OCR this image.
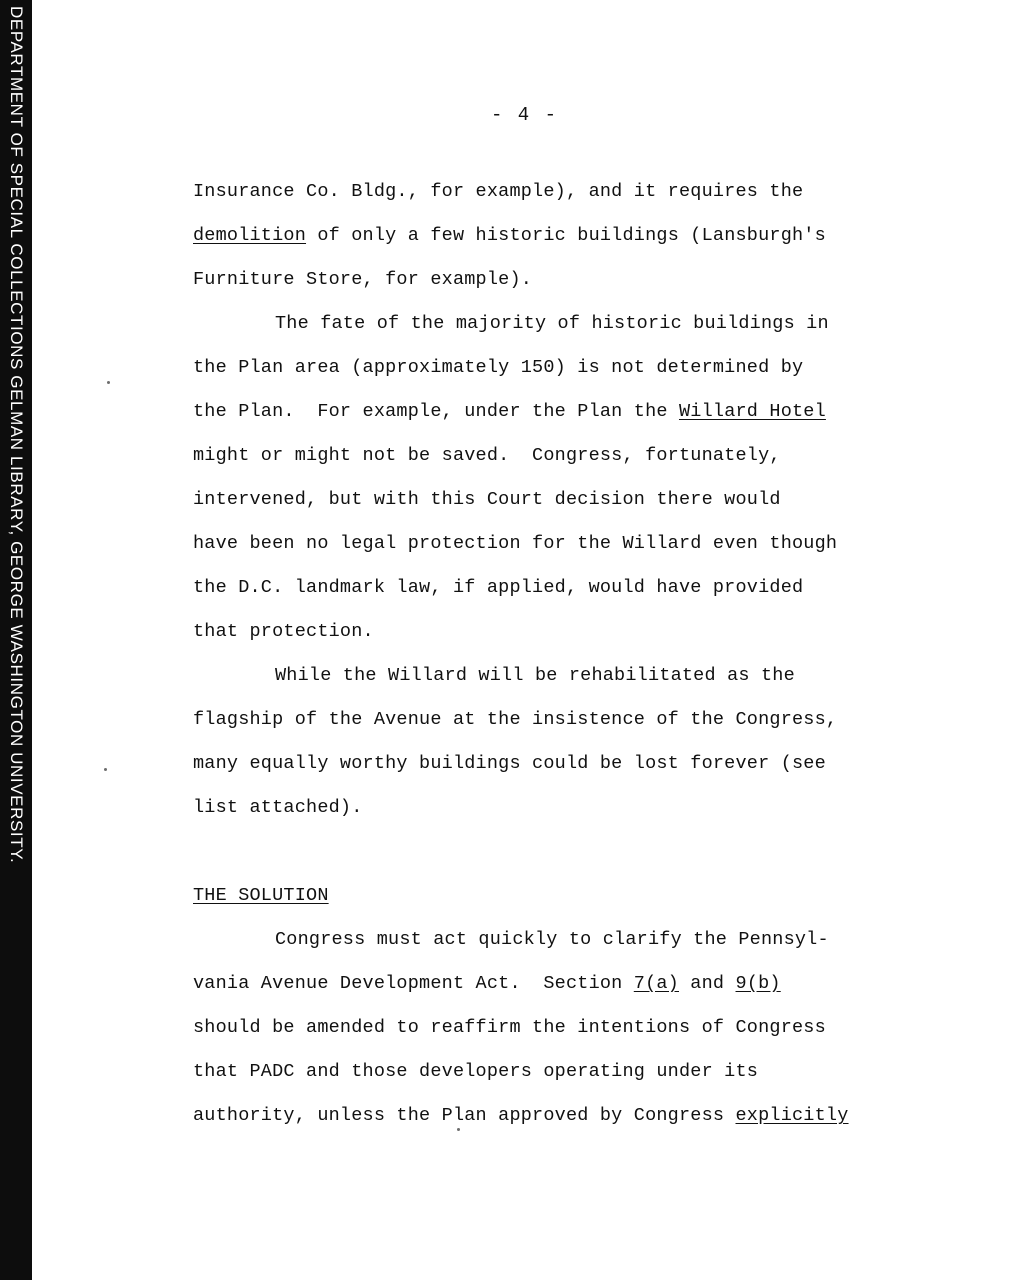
DEPARTMENT OF SPECIAL COLLECTIONS GELMAN LIBRARY, GEORGE WASHINGTON UNIVERSITY.	- 4 -
Insurance Co. Bldg., for example), and it requires the
demolition of only a few historic buildings (Lansburgh's
Furniture Store, for example).
The fate of the majority of historic buildings in
the Plan area (approximately 150) is not determined by
the Plan.  For example, under the Plan the Willard Hotel
might or might not be saved.  Congress, fortunately,
intervened, but with this Court decision there would
have been no legal protection for the Willard even though
the D.C. landmark law, if applied, would have provided
that protection.
While the Willard will be rehabilitated as the
flagship of the Avenue at the insistence of the Congress,
many equally worthy buildings could be lost forever (see
list attached).
THE SOLUTION
Congress must act quickly to clarify the Pennsyl-
vania Avenue Development Act.  Section 7(a) and 9(b)
should be amended to reaffirm the intentions of Congress
that PADC and those developers operating under its
authority, unless the Plan approved by Congress explicitly
